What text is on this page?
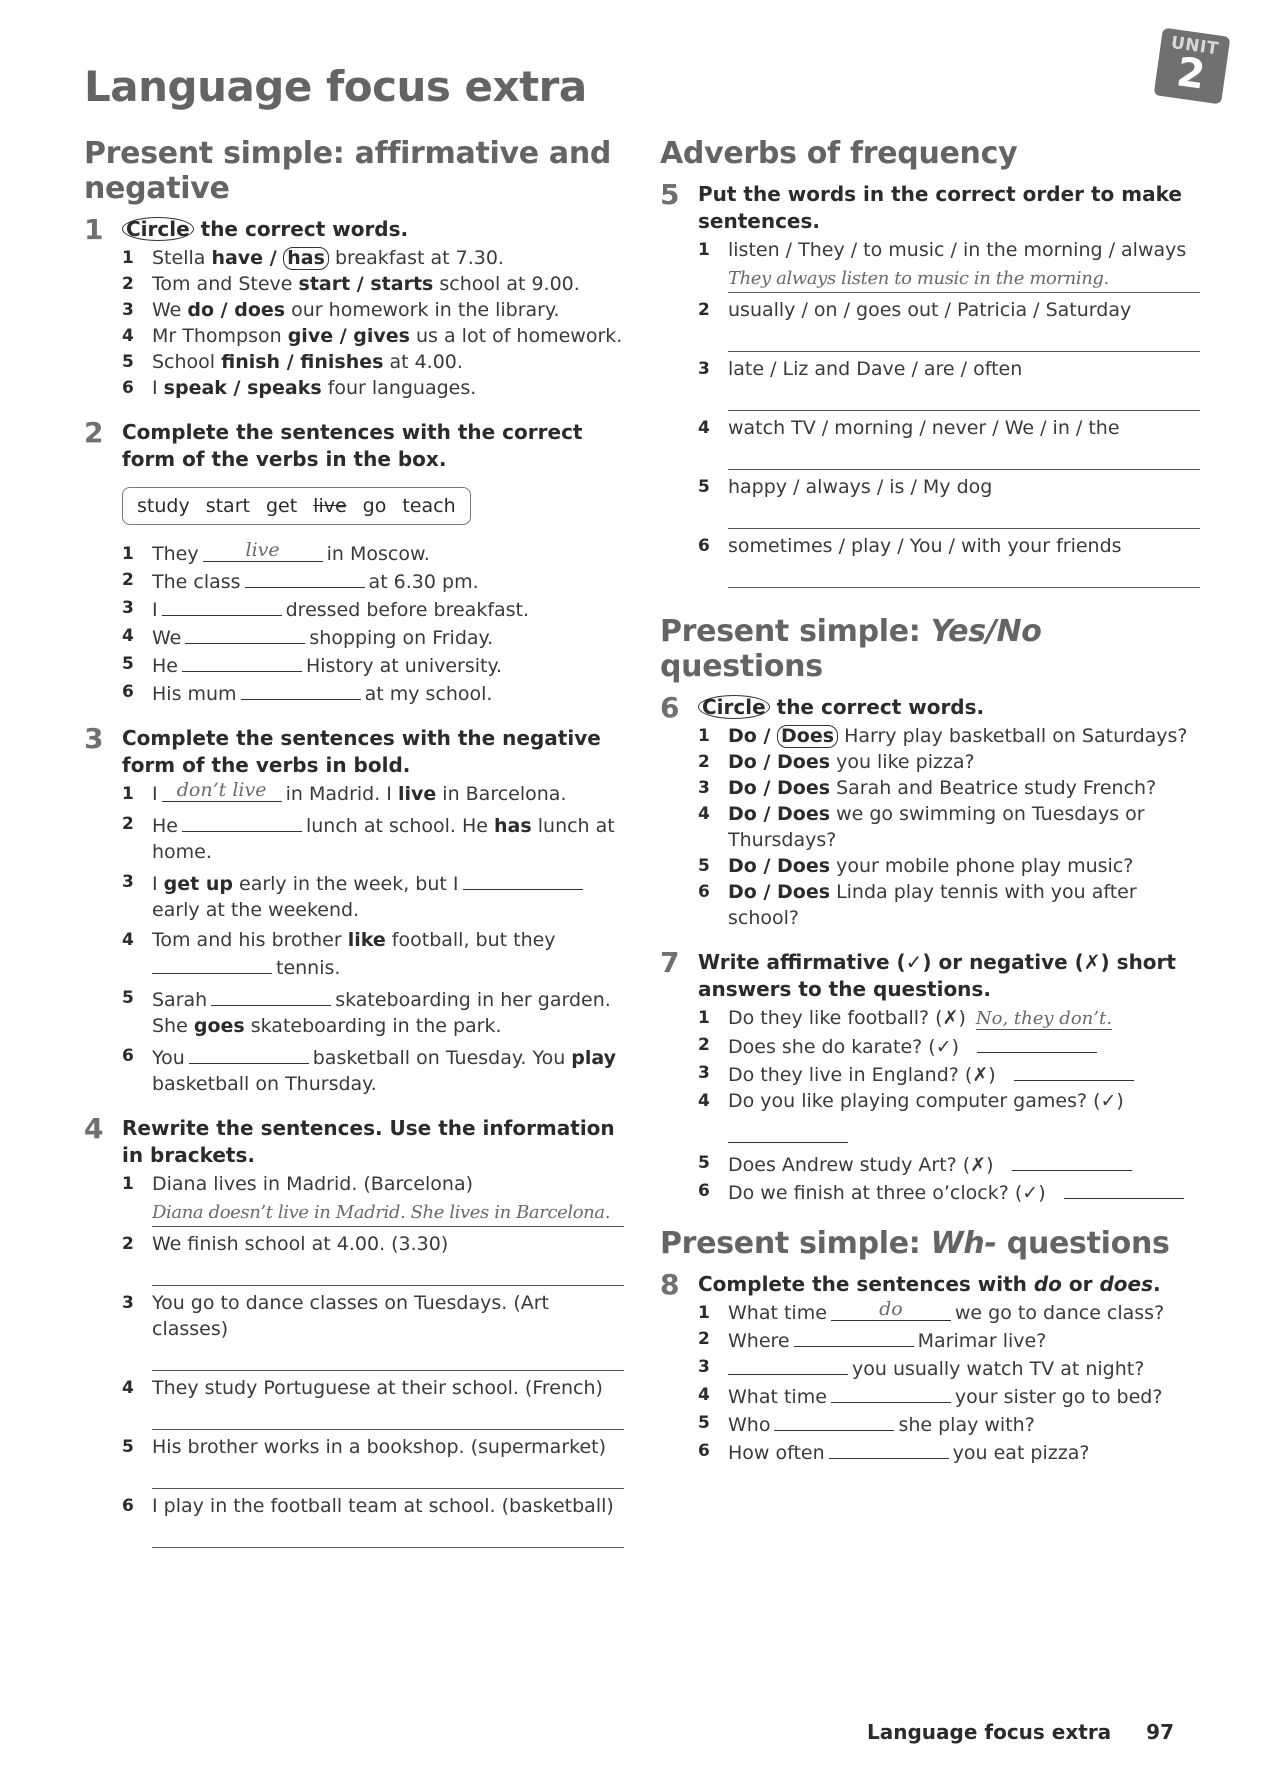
Language focus extra
UNIT
2
Present simple: affirmative and negative
1 Circle the correct words.

1 Stella have / has breakfast at 7.30.
2 Tom and Steve start / starts school at 9.00.
3 We do / does our homework in the library.
4 Mr Thompson give / gives us a lot of homework.
5 School finish / finishes at 4.00.
6 I speak / speaks four languages.
2 Complete the sentences with the correct form of the verbs in the box.

study start get live go teach
1 They live in Moscow.
2 The class	at 6.30 pm.
3 I	dressed before breakfast.
4 We	shopping on Friday.
5 He	History at university.
6 His mum	at my school.
3 Complete the sentences with the negative form of the verbs in bold.

1 I don’t live in Madrid. I live in Barcelona.
2 He	lunch at school. He has lunch at home.
3 I get up early in the week, but I
early at the weekend.
4 Tom and his brother like football, but they
tennis.
5 Sarah	skateboarding in her garden. She goes skateboarding in the park.
6 You	basketball on Tuesday. You play basketball on Thursday.
4 Rewrite the sentences. Use the information in brackets.

1 Diana lives in Madrid. (Barcelona)
Diana doesn’t live in Madrid. She lives in Barcelona.
2 We finish school at 4.00. (3.30)
3 You go to dance classes on Tuesdays. (Art classes)
4 They study Portuguese at their school. (French)
5 His brother works in a bookshop. (supermarket)
6 I play in the football team at school. (basketball)
Adverbs of frequency
5 Put the words in the correct order to make sentences.

1 listen / They / to music / in the morning / always
They always listen to music in the morning.
2 usually / on / goes out / Patricia / Saturday
3 late / Liz and Dave / are / often
4 watch TV / morning / never / We / in / the
5 happy / always / is / My dog
6 sometimes / play / You / with your friends
Present simple: Yes/No questions
6 Circle the correct words.

1 Do / Does Harry play basketball on Saturdays?
2 Do / Does you like pizza?
3 Do / Does Sarah and Beatrice study French?
4 Do / Does we go swimming on Tuesdays or Thursdays?
5 Do / Does your mobile phone play music?
6 Do / Does Linda play tennis with you after school?
7 Write affirmative (✓) or negative (✗) short answers to the questions.

1 Do they like football? (✗) No, they don’t.
2 Does she do karate? (✓)
3 Do they live in England? (✗)
4 Do you like playing computer games? (✓)

5 Does Andrew study Art? (✗)
6 Do we finish at three o’clock? (✓)
Present simple: Wh- questions
8 Complete the sentences with do or does.

1 What time	do	we go to dance class?
2 Where	Marimar live?
3	you usually watch TV at night?
4 What time	your sister go to bed?
5 Who	she play with?
6 How often	you eat pizza?
Language focus extra 97
